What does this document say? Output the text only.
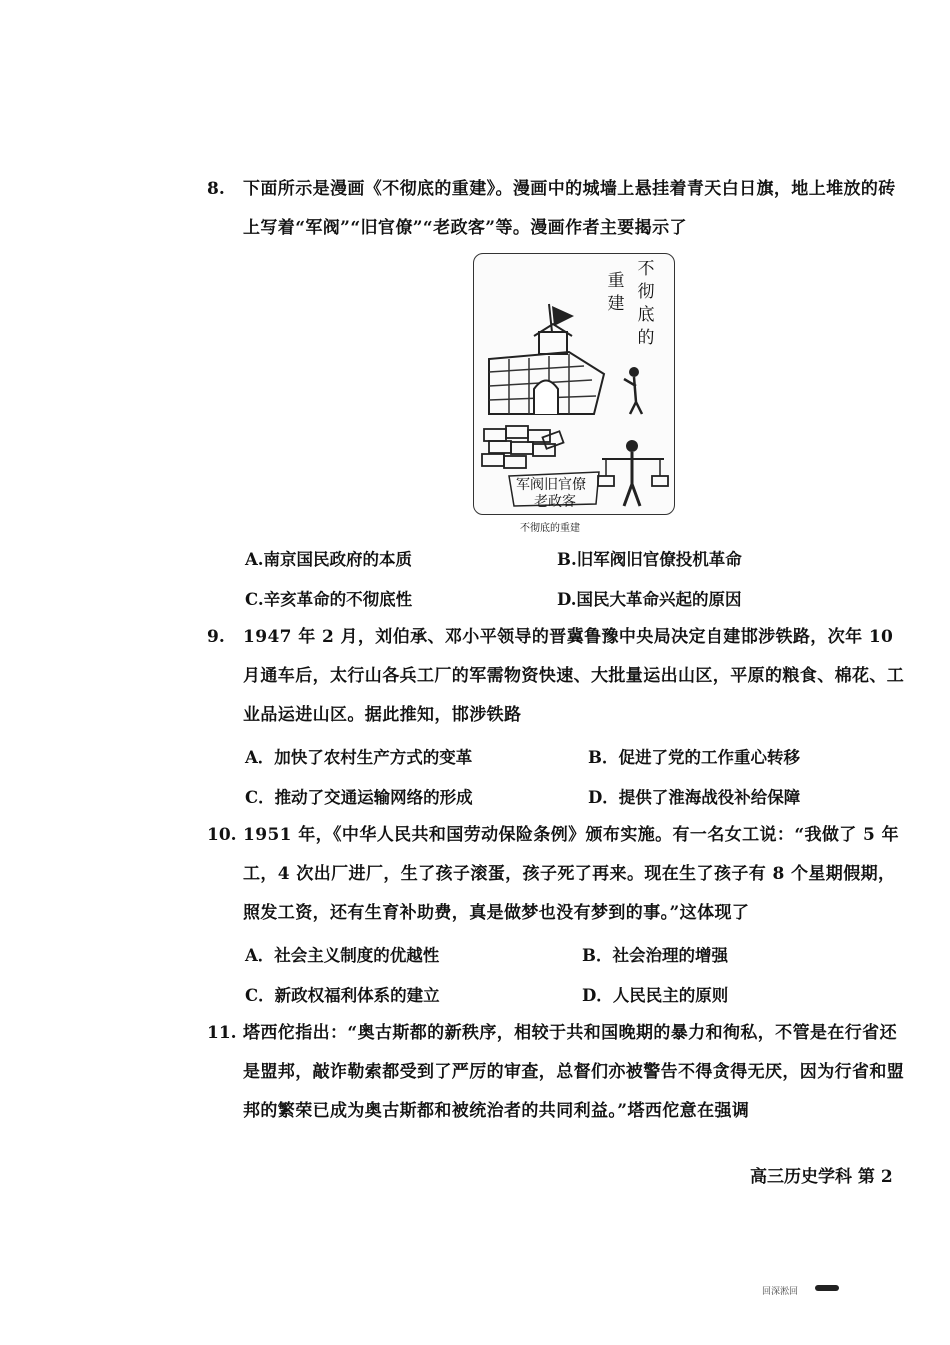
8. 下面所示是漫画《不彻底的重建》。漫画中的城墙上悬挂着青天白日旗，地上堆放的砖上写着“军阀”“旧官僚”“老政客”等。漫画作者主要揭示了
重建
不彻底的
军阀旧官僚
老政客
不彻底的重建
A.南京国民政府的本质	B.旧军阀旧官僚投机革命
C.辛亥革命的不彻底性	D.国民大革命兴起的原因
9. 1947 年 2 月，刘伯承、邓小平领导的晋冀鲁豫中央局决定自建邯涉铁路，次年 10 月通车后，太行山各兵工厂的军需物资快速、大批量运出山区，平原的粮食、棉花、工业品运进山区。据此推知，邯涉铁路
A．加快了农村生产方式的变革	B．促进了党的工作重心转移
C．推动了交通运输网络的形成	D．提供了淮海战役补给保障
10. 1951 年，《中华人民共和国劳动保险条例》颁布实施。有一名女工说：“我做了 5 年工，4 次出厂进厂，生了孩子滚蛋，孩子死了再来。现在生了孩子有 8 个星期假期，照发工资，还有生育补助费，真是做梦也没有梦到的事。”这体现了
A．社会主义制度的优越性	B．社会治理的增强
C．新政权福利体系的建立	D．人民民主的原则
11. 塔西佗指出：“奥古斯都的新秩序，相较于共和国晚期的暴力和徇私，不管是在行省还是盟邦，敲诈勒索都受到了严厉的审查，总督们亦被警告不得贪得无厌，因为行省和盟邦的繁荣已成为奥古斯都和被统治者的共同利益。”塔西佗意在强调
高三历史学科 第 2
回深淞回
